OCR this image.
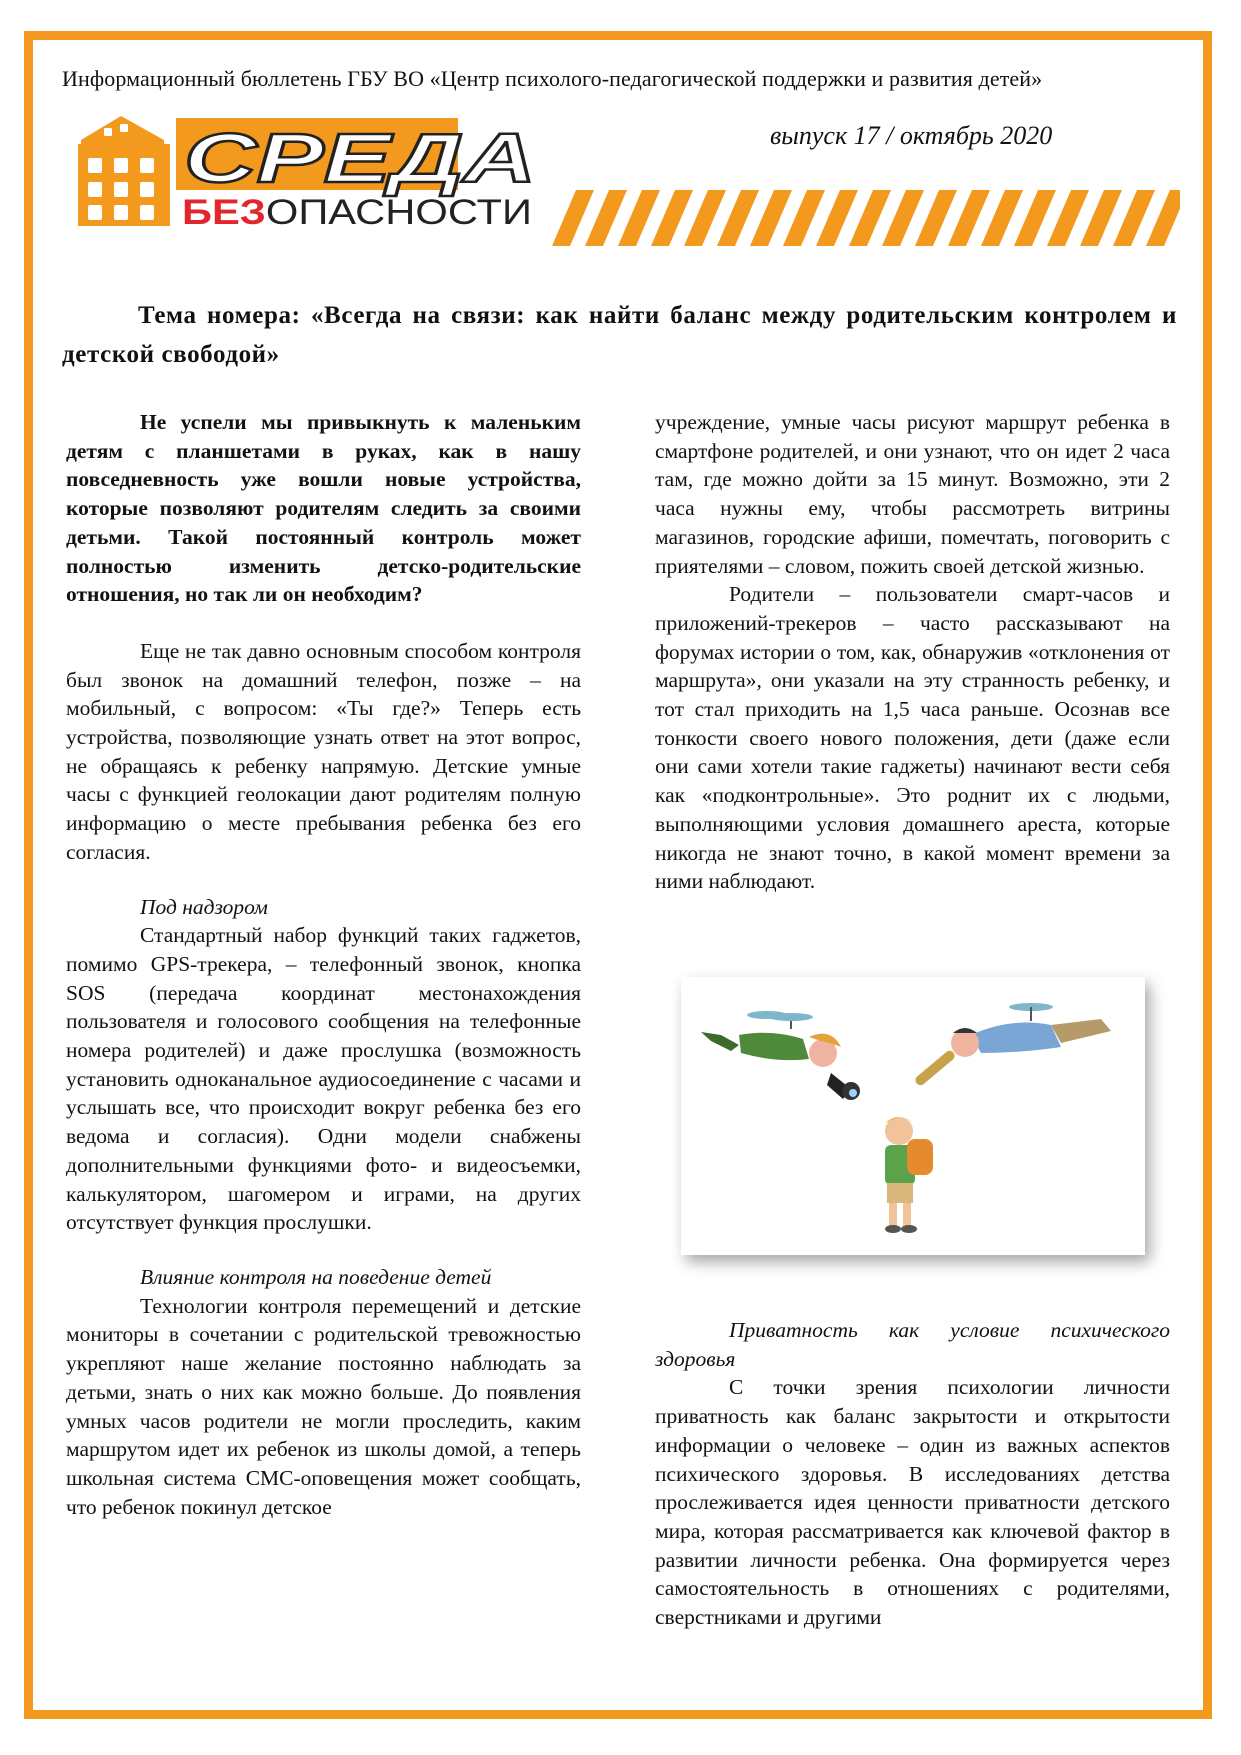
Информационный бюллетень ГБУ ВО «Центр психолого-педагогической поддержки и развития детей»
СРЕДА
БЕЗ ОПАСНОСТИ
выпуск 17 / октябрь 2020
Тема номера: «Всегда на связи: как найти баланс между родительским контролем и детской свободой»

Не успели мы привыкнуть к маленьким детям с планшетами в руках, как в нашу повседневность уже вошли новые устройства, которые позволяют родителям следить за своими детьми. Такой постоянный контроль может полностью изменить детско-родительские отношения, но так ли он необходим?

Еще не так давно основным способом контроля был звонок на домашний телефон, позже – на мобильный, с вопросом: «Ты где?» Теперь есть устройства, позволяющие узнать ответ на этот вопрос, не обращаясь к ребенку напрямую. Детские умные часы с функцией геолокации дают родителям полную информацию о месте пребывания ребенка без его согласия.

Под надзором

Стандартный набор функций таких гаджетов, помимо GPS-трекера, – телефонный звонок, кнопка SOS (передача координат местонахождения пользователя и голосового сообщения на телефонные номера родителей) и даже прослушка (возможность установить одноканальное аудиосоединение с часами и услышать все, что происходит вокруг ребенка без его ведома и согласия). Одни модели снабжены дополнительными функциями фото- и видеосъемки, калькулятором, шагомером и играми, на других отсутствует функция прослушки.

Влияние контроля на поведение детей

Технологии контроля перемещений и детские мониторы в сочетании с родительской тревожностью укрепляют наше желание постоянно наблюдать за детьми, знать о них как можно больше. До появления умных часов родители не могли проследить, каким маршрутом идет их ребенок из школы домой, а теперь школьная система СМС-оповещения может сообщать, что ребенок покинул детское

учреждение, умные часы рисуют маршрут ребенка в смартфоне родителей, и они узнают, что он идет 2 часа там, где можно дойти за 15 минут. Возможно, эти 2 часа нужны ему, чтобы рассмотреть витрины магазинов, городские афиши, помечтать, поговорить с приятелями – словом, пожить своей детской жизнью.

Родители – пользователи смарт-часов и приложений-трекеров – часто рассказывают на форумах истории о том, как, обнаружив «отклонения от маршрута», они указали на эту странность ребенку, и тот стал приходить на 1,5 часа раньше. Осознав все тонкости своего нового положения, дети (даже если они сами хотели такие гаджеты) начинают вести себя как «подконтрольные». Это роднит их с людьми, выполняющими условия домашнего ареста, которые никогда не знают точно, в какой момент времени за ними наблюдают.

Приватность как условие психического здоровья

С точки зрения психологии личности приватность как баланс закрытости и открытости информации о человеке – один из важных аспектов психического здоровья. В исследованиях детства прослеживается идея ценности приватности детского мира, которая рассматривается как ключевой фактор в развитии личности ребенка. Она формируется через самостоятельность в отношениях с родителями, сверстниками и другими
